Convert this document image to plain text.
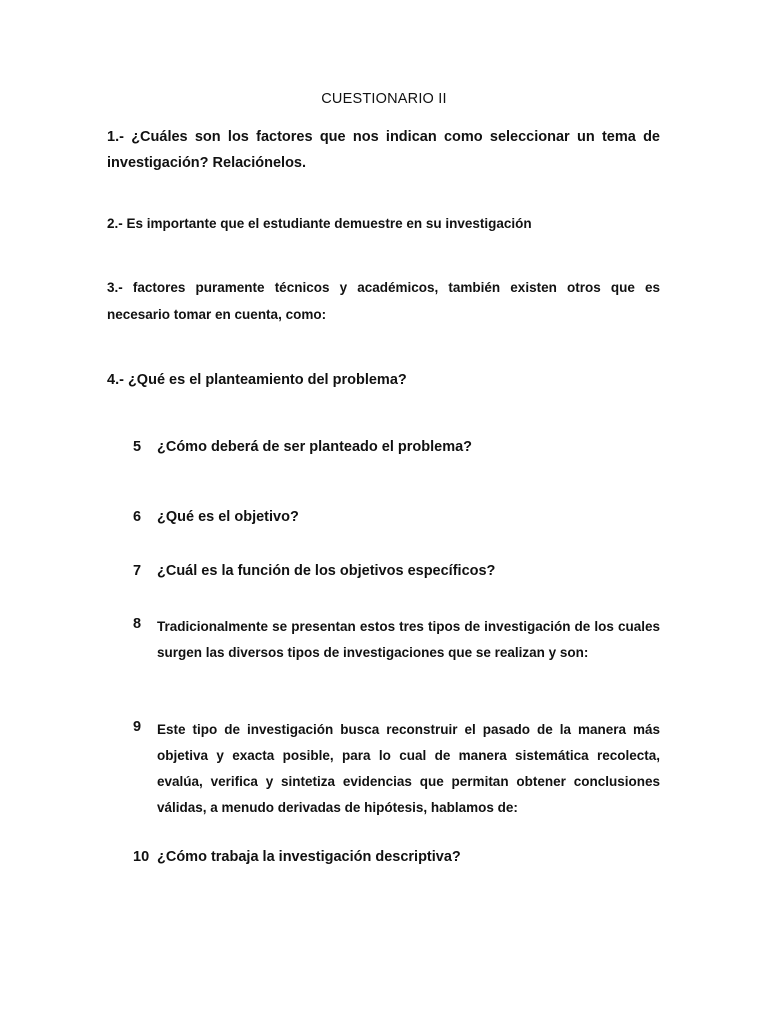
CUESTIONARIO II
1.- ¿Cuáles son los factores que nos indican como seleccionar un tema de investigación? Relaciónelos.
2.- Es importante que el estudiante demuestre en su investigación
3.- factores puramente técnicos y académicos, también existen otros que es necesario tomar en cuenta, como:
4.- ¿Qué es el planteamiento del problema?
5	¿Cómo deberá de ser planteado el problema?
6	¿Qué es el objetivo?
7	¿Cuál es la función de los objetivos específicos?
8	Tradicionalmente se presentan estos tres tipos de investigación de los cuales surgen las diversos tipos de investigaciones que se realizan y son:
9	Este tipo de investigación busca reconstruir el pasado de la manera más objetiva y exacta posible, para lo cual de manera sistemática recolecta, evalúa, verifica y sintetiza evidencias que permitan obtener conclusiones válidas, a menudo derivadas de hipótesis, hablamos de:
10 ¿Cómo trabaja la investigación descriptiva?
